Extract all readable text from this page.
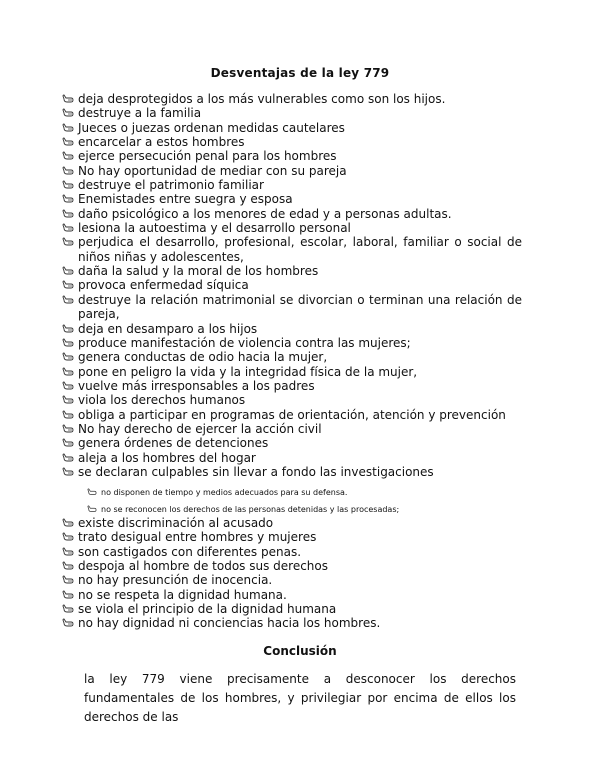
Desventajas de la ley 779
deja desprotegidos a los más vulnerables como son los hijos.
destruye a la familia
Jueces o juezas ordenan medidas cautelares
encarcelar a estos hombres
ejerce persecución penal para los hombres
No hay oportunidad de mediar con su pareja
destruye el patrimonio familiar
Enemistades entre suegra y esposa
daño psicológico a los menores de edad y a personas adultas.
lesiona la autoestima y el desarrollo personal
perjudica el desarrollo, profesional, escolar, laboral, familiar o social de niños niñas y adolescentes,
daña la salud y la moral de los hombres
provoca enfermedad síquica
destruye la relación matrimonial se divorcian o terminan una relación de pareja,
deja en desamparo a los hijos
produce manifestación de violencia contra las mujeres;
genera conductas de odio hacia la mujer,
pone en peligro la vida y la integridad física de la mujer,
vuelve más irresponsables a los padres
viola los derechos humanos
obliga a participar en programas de orientación, atención y prevención
No hay derecho de ejercer la acción civil
genera órdenes de detenciones
aleja a los hombres del hogar
se declaran culpables sin llevar a fondo las investigaciones
no disponen de tiempo y medios adecuados para su defensa.
no se reconocen los derechos de las personas detenidas y las procesadas;
existe discriminación al acusado
trato desigual entre hombres y mujeres
son castigados con diferentes penas.
despoja al hombre de todos sus derechos
no hay presunción de inocencia.
no se respeta la dignidad humana.
se viola el principio de la dignidad humana
no hay dignidad ni conciencias hacia los hombres.
Conclusión
la ley 779 viene precisamente a desconocer los derechos fundamentales de los hombres, y privilegiar por encima de ellos los derechos de las
